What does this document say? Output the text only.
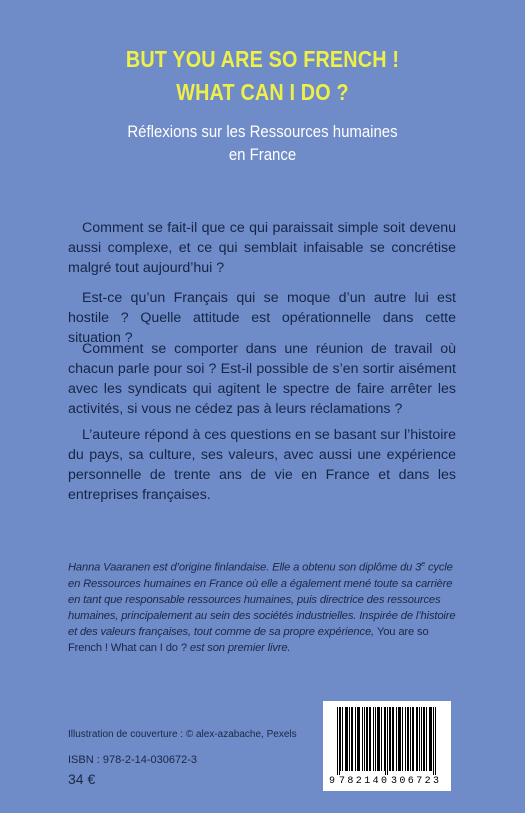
BUT YOU ARE SO FRENCH !
WHAT CAN I DO ?
Réflexions sur les Ressources humaines
en France

Comment se fait-il que ce qui paraissait simple soit devenu aussi complexe, et ce qui semblait infaisable se concrétise malgré tout aujourd’hui ?

Est-ce qu’un Français qui se moque d’un autre lui est hostile ? Quelle attitude est opérationnelle dans cette situation ?

Comment se comporter dans une réunion de travail où chacun parle pour soi ? Est-il possible de s’en sortir aisément avec les syndicats qui agitent le spectre de faire arrêter les activités, si vous ne cédez pas à leurs réclamations ?

L’auteure répond à ces questions en se basant sur l’histoire du pays, sa culture, ses valeurs, avec aussi une expérience personnelle de trente ans de vie en France et dans les entreprises françaises.

Hanna Vaaranen est d’origine finlandaise. Elle a obtenu son diplôme du 3e cycle en Ressources humaines en France où elle a également mené toute sa carrière en tant que responsable ressources humaines, puis directrice des ressources humaines, principalement au sein des sociétés industrielles. Inspirée de l’histoire et des valeurs françaises, tout comme de sa propre expérience, You are so French ! What can I do ? est son premier livre.

Illustration de couverture : © alex-azabache, Pexels
ISBN : 978-2-14-030672-3
34 €	9 782140 306723
